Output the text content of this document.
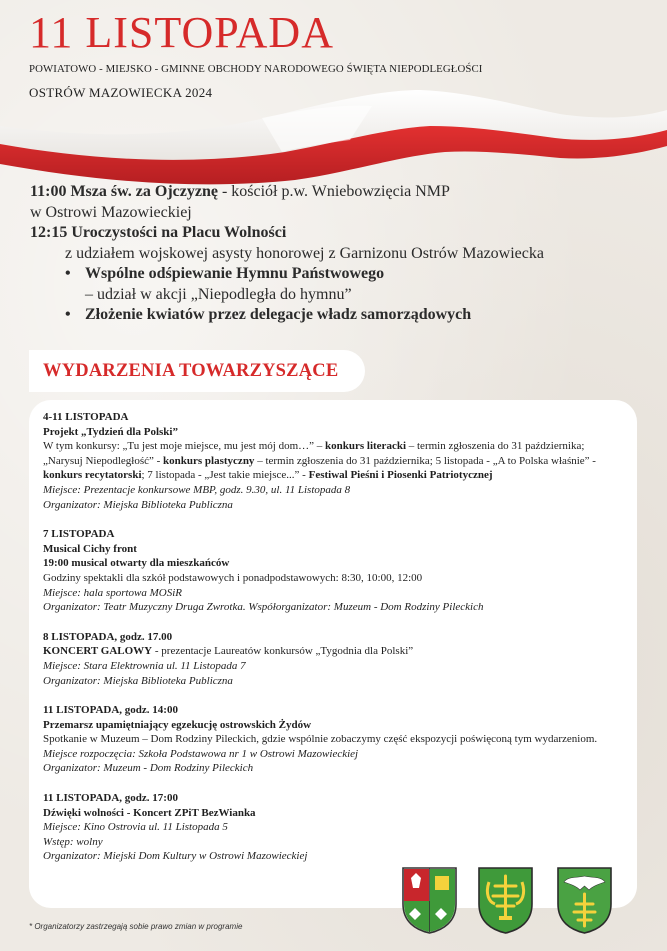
11 LISTOPADA
POWIATOWO - MIEJSKO - GMINNE OBCHODY NARODOWEGO ŚWIĘTA NIEPODLEGŁOŚCI
OSTRÓW MAZOWIECKA 2024
11:00 Msza św. za Ojczyznę - kościół p.w. Wniebowzięcia NMP
w Ostrowi Mazowieckiej
12:15 Uroczystości na Placu Wolności
z udziałem wojskowej asysty honorowej z Garnizonu Ostrów Mazowiecka
• Wspólne odśpiewanie Hymnu Państwowego
– udział w akcji „Niepodległa do hymnu”
• Złożenie kwiatów przez delegacje władz samorządowych
WYDARZENIA TOWARZYSZĄCE

4-11 LISTOPADA

Projekt „Tydzień dla Polski”

W tym konkursy: „Tu jest moje miejsce, mu jest mój dom…” – konkurs literacki – termin zgłoszenia do 31 października; „Narysuj Niepodległość” - konkurs plastyczny – termin zgłoszenia do 31 października; 5 listopada - „A to Polska właśnie” - konkurs recytatorski; 7 listopada - „Jest takie miejsce...” - Festiwal Pieśni i Piosenki Patriotycznej

Miejsce: Prezentacje konkursowe MBP, godz. 9.30, ul. 11 Listopada 8

Organizator: Miejska Biblioteka Publiczna

7 LISTOPADA

Musical Cichy front

19:00 musical otwarty dla mieszkańców

Godziny spektakli dla szkół podstawowych i ponadpodstawowych: 8:30, 10:00, 12:00

Miejsce: hala sportowa MOSiR

Organizator: Teatr Muzyczny Druga Zwrotka. Współorganizator: Muzeum - Dom Rodziny Pileckich

8 LISTOPADA, godz. 17.00

KONCERT GALOWY - prezentacje Laureatów konkursów „Tygodnia dla Polski”

Miejsce: Stara Elektrownia ul. 11 Listopada 7

Organizator: Miejska Biblioteka Publiczna

11 LISTOPADA, godz. 14:00

Przemarsz upamiętniający egzekucję ostrowskich Żydów

Spotkanie w Muzeum – Dom Rodziny Pileckich, gdzie wspólnie zobaczymy część ekspozycji poświęconą tym wydarzeniom.

Miejsce rozpoczęcia: Szkoła Podstawowa nr 1 w Ostrowi Mazowieckiej

Organizator: Muzeum - Dom Rodziny Pileckich

11 LISTOPADA, godz. 17:00

Dźwięki wolności - Koncert ZPiT BezWianka

Miejsce: Kino Ostrovia ul. 11 Listopada 5

Wstęp: wolny

Organizator: Miejski Dom Kultury w Ostrowi Mazowieckiej

* Organizatorzy zastrzegają sobie prawo zmian w programie
